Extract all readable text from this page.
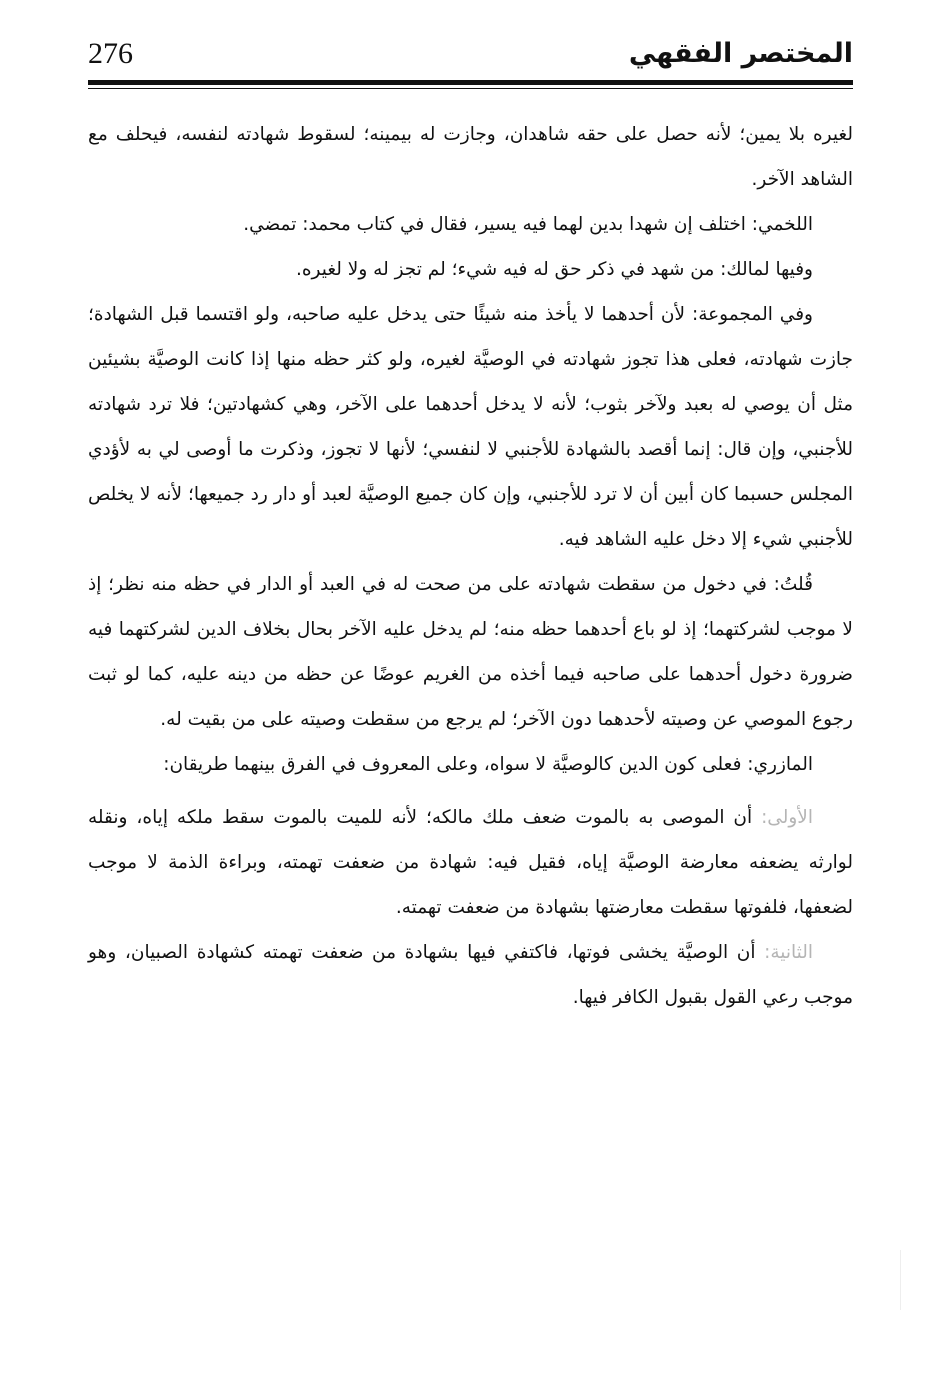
276	المختصر الفقهي

لغيره بلا يمين؛ لأنه حصل على حقه شاهدان، وجازت له بيمينه؛ لسقوط شهادته لنفسه، فيحلف مع الشاهد الآخر.

اللخمي: اختلف إن شهدا بدين لهما فيه يسير، فقال في كتاب محمد: تمضي.

وفيها لمالك: من شهد في ذكر حق له فيه شيء؛ لم تجز له ولا لغيره.

وفي المجموعة: لأن أحدهما لا يأخذ منه شيئًا حتى يدخل عليه صاحبه، ولو اقتسما قبل الشهادة؛ جازت شهادته، فعلى هذا تجوز شهادته في الوصيَّة لغيره، ولو كثر حظه منها إذا كانت الوصيَّة بشيئين مثل أن يوصي له بعبد ولآخر بثوب؛ لأنه لا يدخل أحدهما على الآخر، وهي كشهادتين؛ فلا ترد شهادته للأجنبي، وإن قال: إنما أقصد بالشهادة للأجنبي لا لنفسي؛ لأنها لا تجوز، وذكرت ما أوصى لي به لأؤدي المجلس حسبما كان أبين أن لا ترد للأجنبي، وإن كان جميع الوصيَّة لعبد أو دار رد جميعها؛ لأنه لا يخلص للأجنبي شيء إلا دخل عليه الشاهد فيه.

قُلتُ: في دخول من سقطت شهادته على من صحت له في العبد أو الدار في حظه منه نظر؛ إذ لا موجب لشركتهما؛ إذ لو باع أحدهما حظه منه؛ لم يدخل عليه الآخر بحال بخلاف الدين لشركتهما فيه ضرورة دخول أحدهما على صاحبه فيما أخذه من الغريم عوضًا عن حظه من دينه عليه، كما لو ثبت رجوع الموصي عن وصيته لأحدهما دون الآخر؛ لم يرجع من سقطت وصيته على من بقيت له.

المازري: فعلى كون الدين كالوصيَّة لا سواه، وعلى المعروف في الفرق بينهما طريقان:

الأولى: أن الموصى به بالموت ضعف ملك مالكه؛ لأنه للميت بالموت سقط ملكه إياه، ونقله لوارثه يضعفه معارضة الوصيَّة إياه، فقيل فيه: شهادة من ضعفت تهمته، وبراءة الذمة لا موجب لضعفها، فلفوتها سقطت معارضتها بشهادة من ضعفت تهمته.

الثانية: أن الوصيَّة يخشى فوتها، فاكتفي فيها بشهادة من ضعفت تهمته كشهادة الصبيان، وهو موجب رعي القول بقبول الكافر فيها.
